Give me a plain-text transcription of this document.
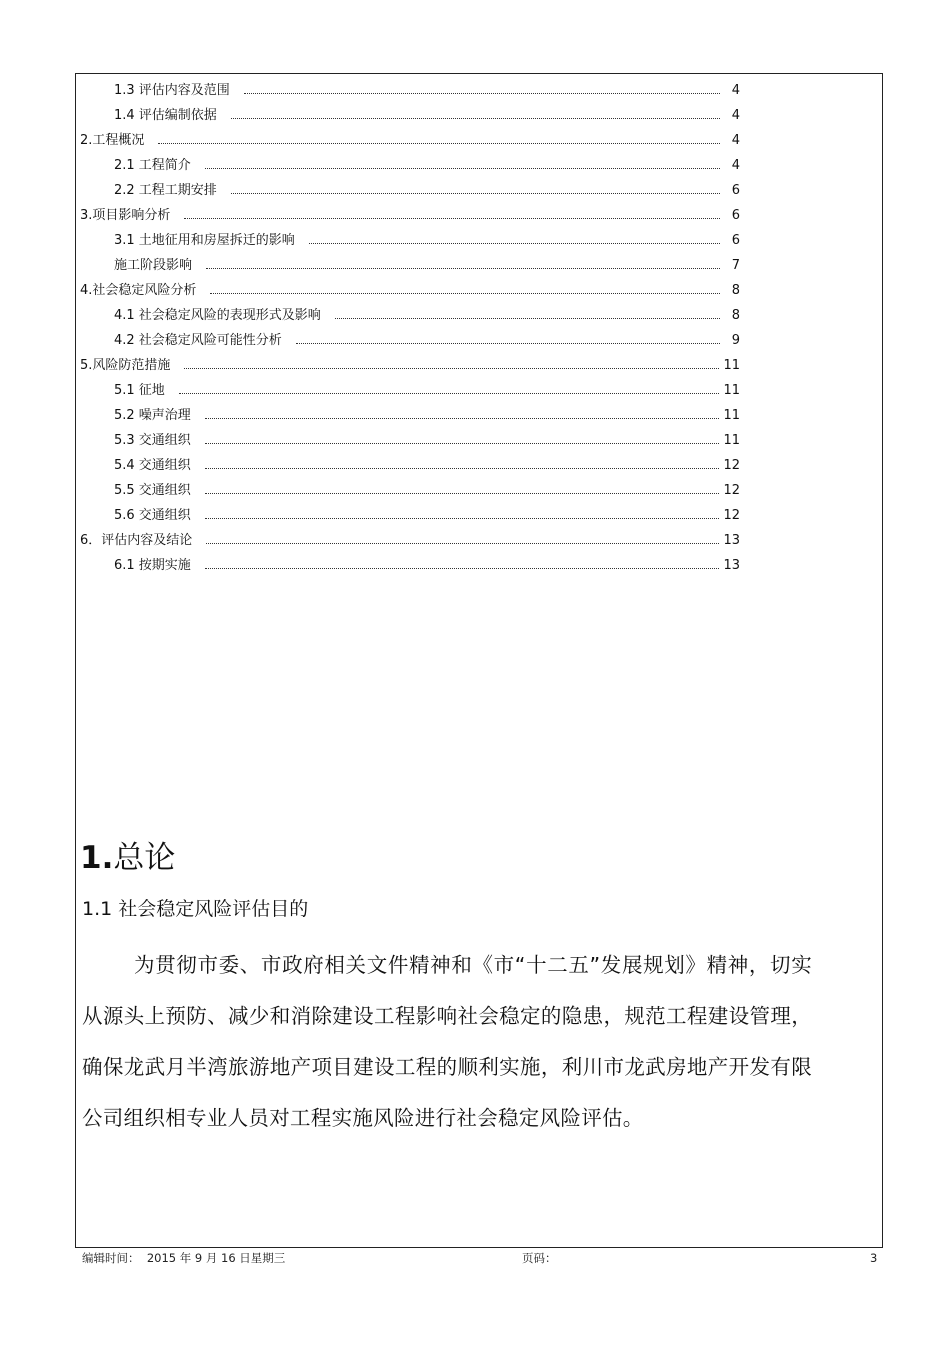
1.3 评估内容及范围	4
1.4 评估编制依据	4
2.工程概况	4
2.1 工程简介	4
2.2 工程工期安排	6
3.项目影响分析	6
3.1 土地征用和房屋拆迁的影响	6
施工阶段影响	7
4.社会稳定风险分析	8
4.1 社会稳定风险的表现形式及影响	8
4.2 社会稳定风险可能性分析	9
5.风险防范措施	11
5.1 征地	11
5.2 噪声治理	11
5.3 交通组织	11
5.4 交通组织	12
5.5 交通组织	12
5.6 交通组织	12
6．评估内容及结论	13
6.1 按期实施	13
1.总论
1.1 社会稳定风险评估目的
为贯彻市委、市政府相关文件精神和《市“十二五”发展规划》精神，切实从源头上预防、减少和消除建设工程影响社会稳定的隐患，规范工程建设管理，确保龙武月半湾旅游地产项目建设工程的顺利实施，利川市龙武房地产开发有限公司组织相专业人员对工程实施风险进行社会稳定风险评估。
编辑时间： 2015 年 9 月 16 日星期三	页码：	3
